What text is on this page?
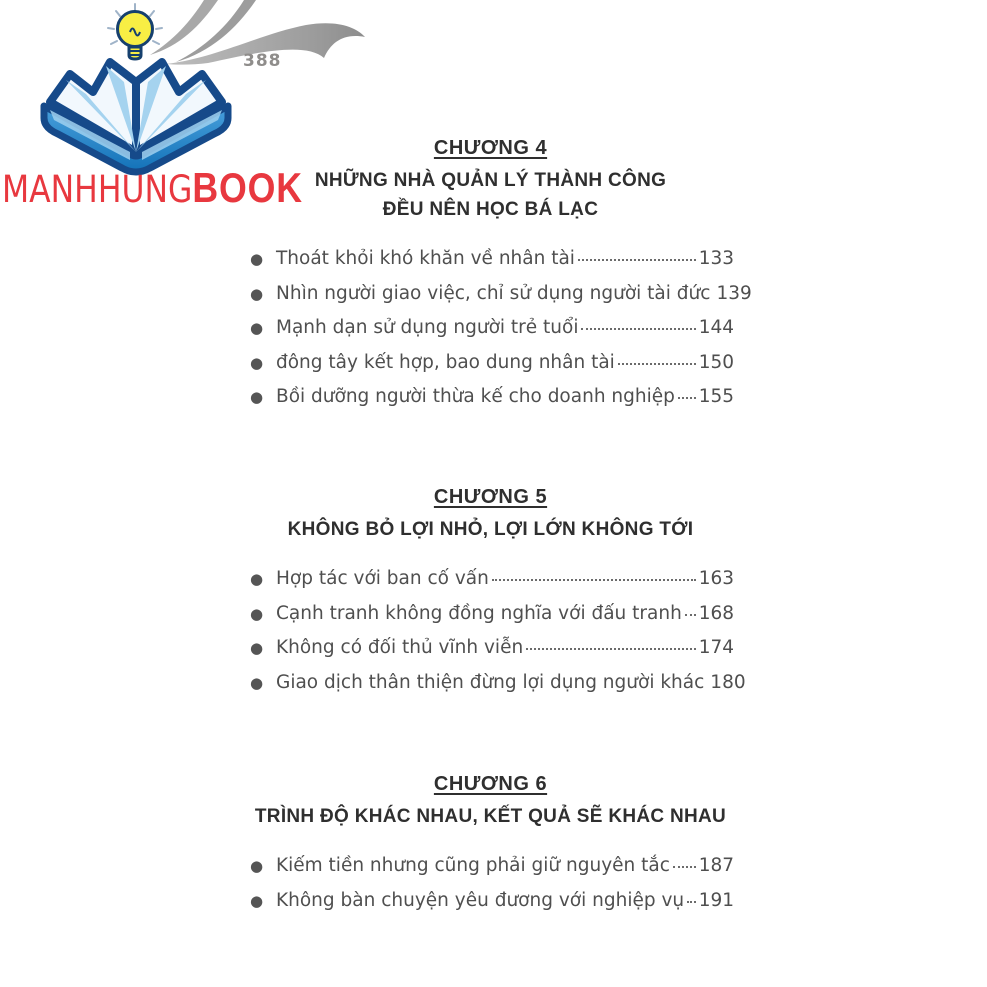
388
MANHHUNGBOOK
CHƯƠNG 4
NHỮNG NHÀ QUẢN LÝ THÀNH CÔNG
ĐỀU NÊN HỌC BÁ LẠC
● Thoát khỏi khó khăn về nhân tài	133
● Nhìn người giao việc, chỉ sử dụng người tài đức 139
● Mạnh dạn sử dụng người trẻ tuổi	144
● đông tây kết hợp, bao dung nhân tài	150
● Bồi dưỡng người thừa kế cho doanh nghiệp 155
CHƯƠNG 5
KHÔNG BỎ LỢI NHỎ, LỢI LỚN KHÔNG TỚI
● Hợp tác với ban cố vấn	163
● Cạnh tranh không đồng nghĩa với đấu tranh 168
● Không có đối thủ vĩnh viễn	174
● Giao dịch thân thiện đừng lợi dụng người khác 180
CHƯƠNG 6
TRÌNH ĐỘ KHÁC NHAU, KẾT QUẢ SẼ KHÁC NHAU
● Kiếm tiền nhưng cũng phải giữ nguyên tắc 187
● Không bàn chuyện yêu đương với nghiệp vụ 191
